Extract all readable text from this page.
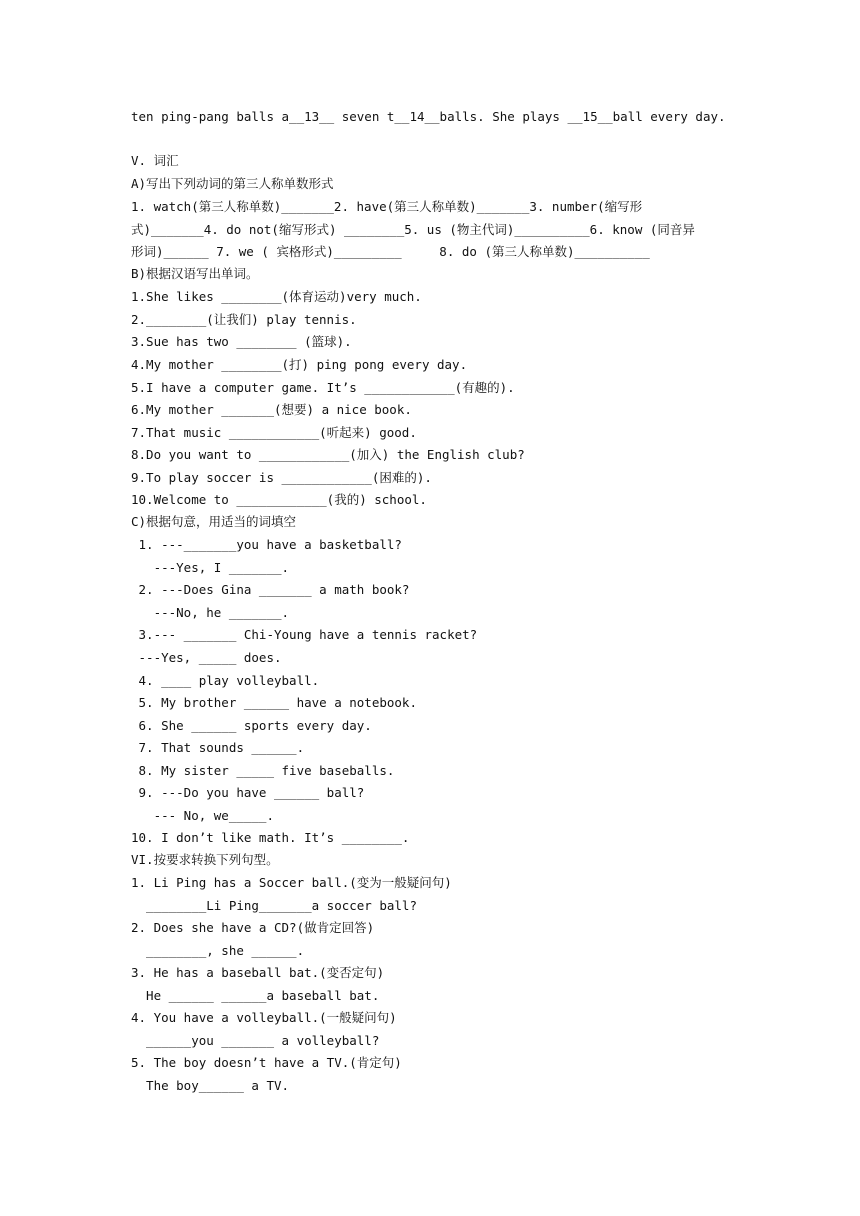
ten ping-pang balls a__13__ seven t__14__balls. She plays __15__ball every day.
V. 词汇
A)写出下列动词的第三人称单数形式
1. watch(第三人称单数)_______2. have(第三人称单数)_______3. number(缩写形
式)_______4. do not(缩写形式) ________5. us (物主代词)__________6. know (同音异
形词)______ 7. we ( 宾格形式)_________     8. do (第三人称单数)__________
B)根据汉语写出单词。
1.She likes ________(体育运动)very much.
2.________(让我们) play tennis.
3.Sue has two ________ (篮球).
4.My mother ________(打) ping pong every day.
5.I have a computer game. It’s ____________(有趣的).
6.My mother _______(想要) a nice book.
7.That music ____________(听起来) good.
8.Do you want to ____________(加入) the English club?
9.To play soccer is ____________(困难的).
10.Welcome to ____________(我的) school.
C)根据句意，用适当的词填空
1. ---_______you have a basketball?
---Yes, I _______.
2. ---Does Gina _______ a math book?
---No, he _______.
3.--- _______ Chi-Young have a tennis racket?
---Yes, _____ does.
4. ____ play volleyball.
5. My brother ______ have a notebook.
6. She ______ sports every day.
7. That sounds ______.
8. My sister _____ five baseballs.
9. ---Do you have ______ ball?
--- No, we_____.
10. I don’t like math. It’s ________.
VI.按要求转换下列句型。
1. Li Ping has a Soccer ball.(变为一般疑问句)
________Li Ping_______a soccer ball?
2. Does she have a CD?(做肯定回答)
________, she ______.
3. He has a baseball bat.(变否定句)
He ______ ______a baseball bat.
4. You have a volleyball.(一般疑问句)
______you _______ a volleyball?
5. The boy doesn’t have a TV.(肯定句)
The boy______ a TV.
